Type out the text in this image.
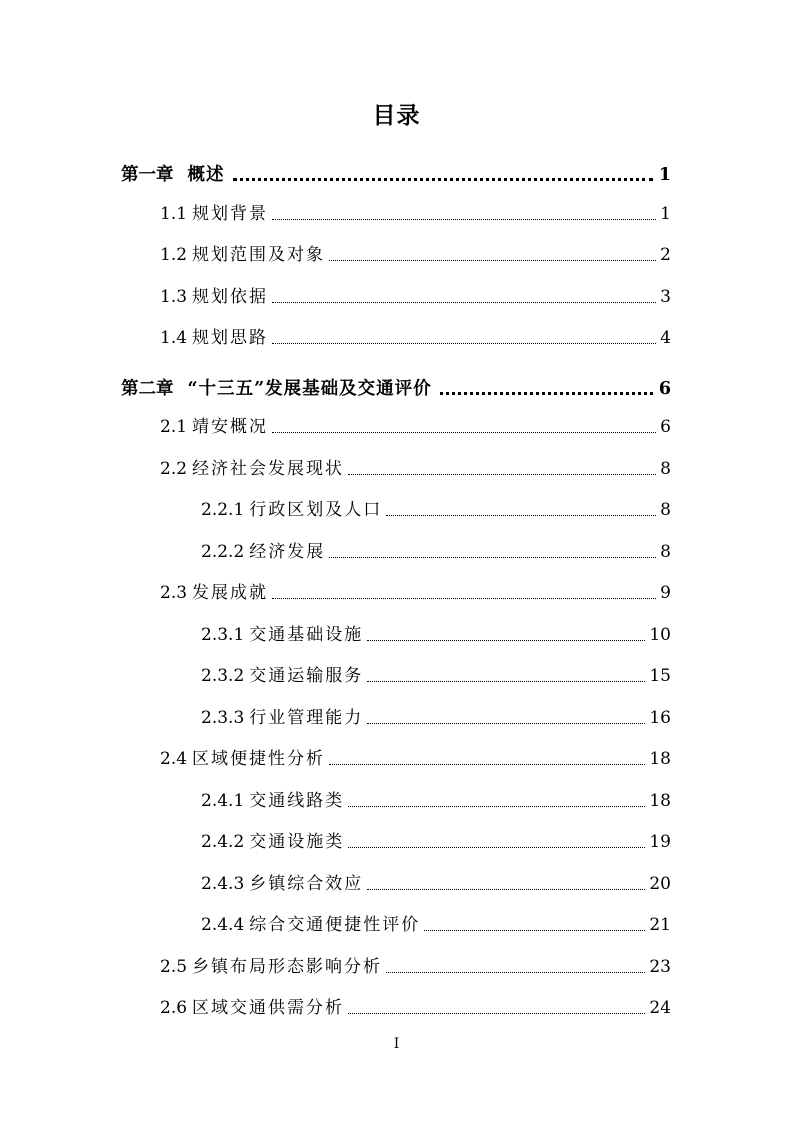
目录
第一章 概述	1
1.1 规划背景	1
1.2 规划范围及对象	2
1.3 规划依据	3
1.4 规划思路	4
第二章 “十三五”发展基础及交通评价	6
2.1 靖安概况	6
2.2 经济社会发展现状	8
2.2.1 行政区划及人口	8
2.2.2 经济发展	8
2.3 发展成就	9
2.3.1 交通基础设施	10
2.3.2 交通运输服务	15
2.3.3 行业管理能力	16
2.4 区域便捷性分析	18
2.4.1 交通线路类	18
2.4.2 交通设施类	19
2.4.3 乡镇综合效应	20
2.4.4 综合交通便捷性评价	21
2.5 乡镇布局形态影响分析	23
2.6 区域交通供需分析	24
I
